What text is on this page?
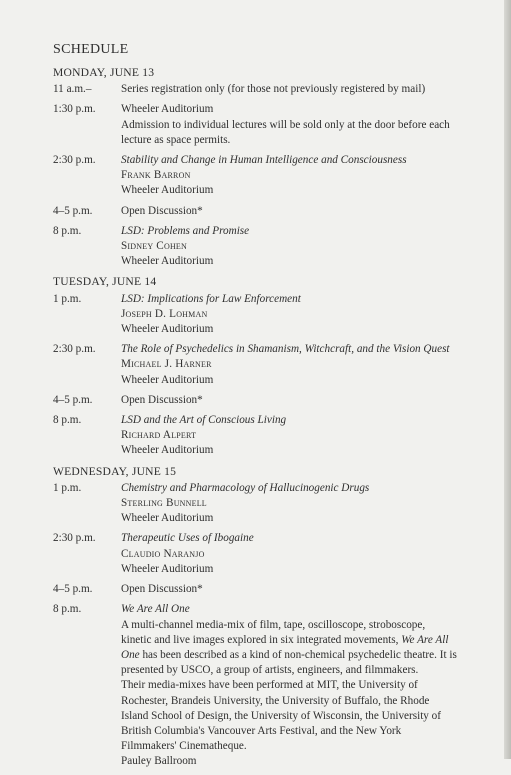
SCHEDULE
MONDAY, JUNE 13
11 a.m.–	Series registration only (for those not previously registered by mail)
1:30 p.m.	Wheeler Auditorium
Admission to individual lectures will be sold only at the door before each lecture as space permits.
2:30 p.m.	Stability and Change in Human Intelligence and Consciousness
Frank Barron
Wheeler Auditorium
4–5 p.m.	Open Discussion*
8 p.m.	LSD: Problems and Promise
Sidney Cohen
Wheeler Auditorium
TUESDAY, JUNE 14
1 p.m.	LSD: Implications for Law Enforcement
Joseph D. Lohman
Wheeler Auditorium
2:30 p.m.	The Role of Psychedelics in Shamanism, Witchcraft, and the Vision Quest
Michael J. Harner
Wheeler Auditorium
4–5 p.m.	Open Discussion*
8 p.m.	LSD and the Art of Conscious Living
Richard Alpert
Wheeler Auditorium
WEDNESDAY, JUNE 15
1 p.m.	Chemistry and Pharmacology of Hallucinogenic Drugs
Sterling Bunnell
Wheeler Auditorium
2:30 p.m.	Therapeutic Uses of Ibogaine
Claudio Naranjo
Wheeler Auditorium
4–5 p.m.	Open Discussion*
8 p.m.	We Are All One
A multi-channel media-mix of film, tape, oscilloscope, stroboscope, kinetic and live images explored in six integrated movements, We Are All One has been described as a kind of non-chemical psychedelic theatre. It is presented by USCO, a group of artists, engineers, and filmmakers.
Their media-mixes have been performed at MIT, the University of Rochester, Brandeis University, the University of Buffalo, the Rhode Island School of Design, the University of Wisconsin, the University of British Columbia's Vancouver Arts Festival, and the New York Filmmakers' Cinematheque.
Pauley Ballroom
